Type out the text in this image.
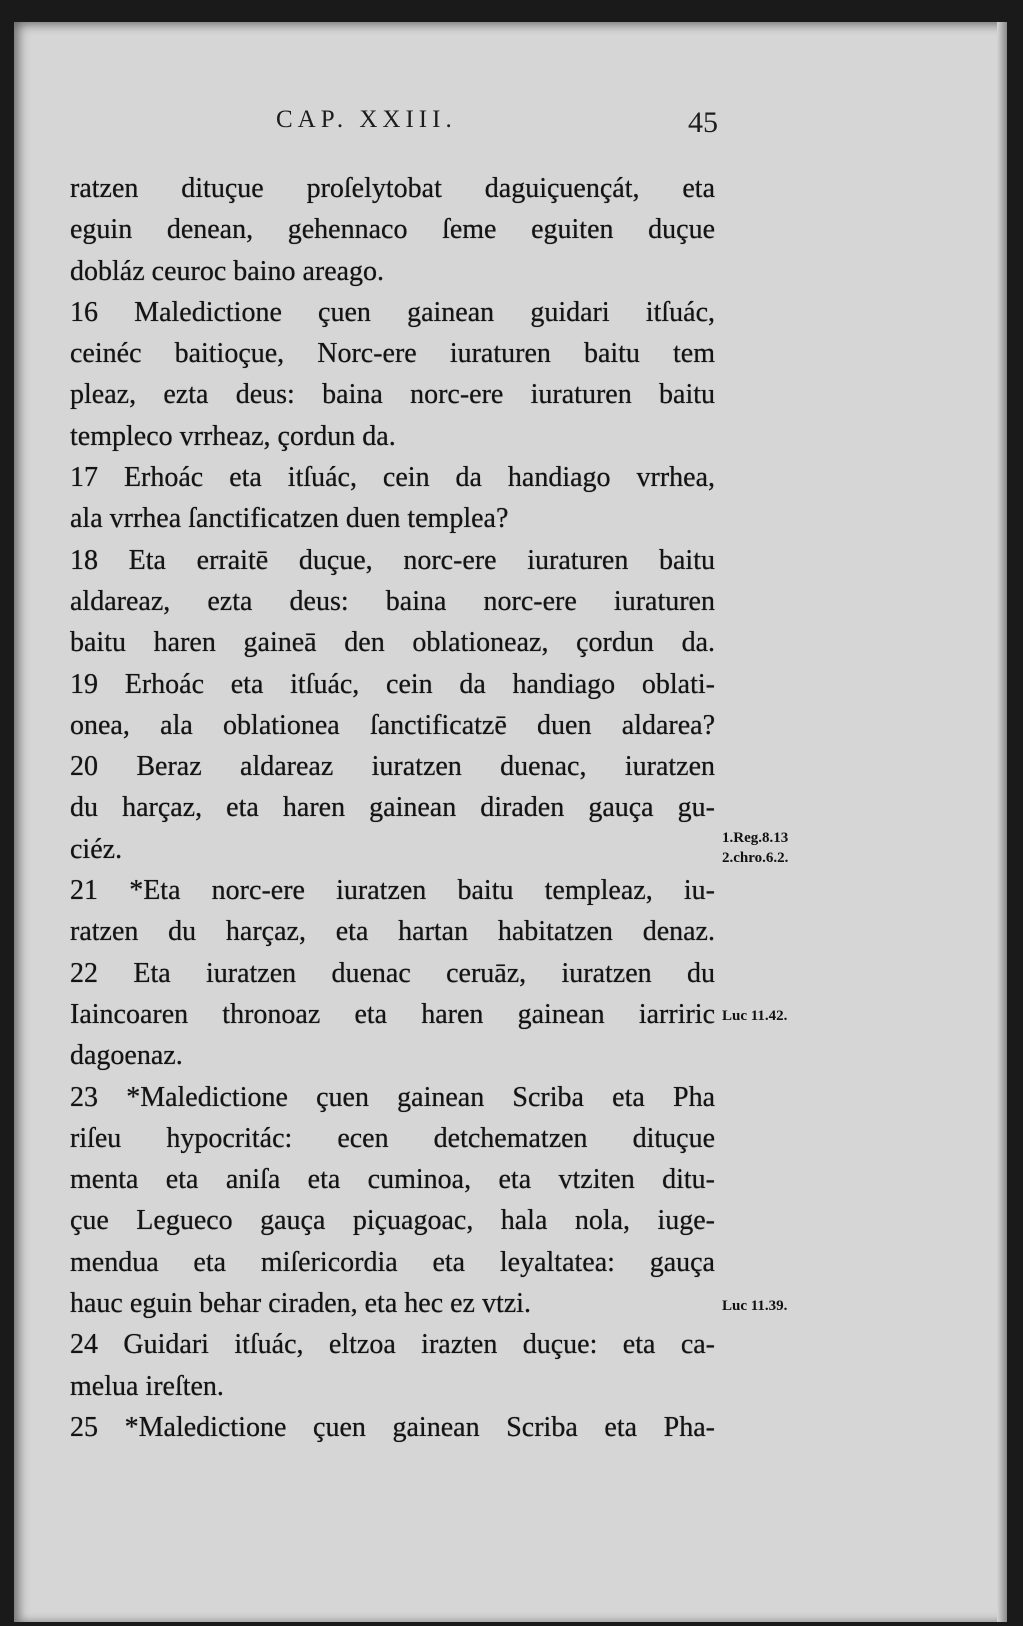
CAP. XXIII.	45
ratzen dituçue proſelytobat daguiçuençát, eta
eguin denean, gehennaco ſeme eguiten duçue
dobláz ceuroc baino areago.
16 Maledictione çuen gainean guidari itſuác,
ceinéc baitioçue, Norc-ere iuraturen baitu tem
pleaz, ezta deus: baina norc-ere iuraturen baitu
templeco vrrheaz, çordun da.
17 Erhoác eta itſuác, cein da handiago vrrhea,
ala vrrhea ſanctificatzen duen templea?
18 Eta erraitē duçue, norc-ere iuraturen baitu
aldareaz, ezta deus: baina norc-ere iuraturen
baitu haren gaineā den oblationeaz, çordun da.
19 Erhoác eta itſuác, cein da handiago oblati-
onea, ala oblationea ſanctificatzē duen aldarea?
20 Beraz aldareaz iuratzen duenac, iuratzen
du harçaz, eta haren gainean diraden gauça gu-
ciéz.
21 *Eta norc-ere iuratzen baitu templeaz, iu-
ratzen du harçaz, eta hartan habitatzen denaz.
22 Eta iuratzen duenac ceruāz, iuratzen du
Iaincoaren thronoaz eta haren gainean iarriric
dagoenaz.
23 *Maledictione çuen gainean Scriba eta Pha
riſeu hypocritác: ecen detchematzen dituçue
menta eta aniſa eta cuminoa, eta vtziten ditu-
çue Legueco gauça piçuagoac, hala nola, iuge-
mendua eta miſericordia eta leyaltatea: gauça
hauc eguin behar ciraden, eta hec ez vtzi.
24 Guidari itſuác, eltzoa irazten duçue: eta ca-
melua ireſten.
25 *Maledictione çuen gainean Scriba eta Pha-
1.Reg.8.13
2.chro.6.2.
Luc 11.42.
Luc 11.39.
